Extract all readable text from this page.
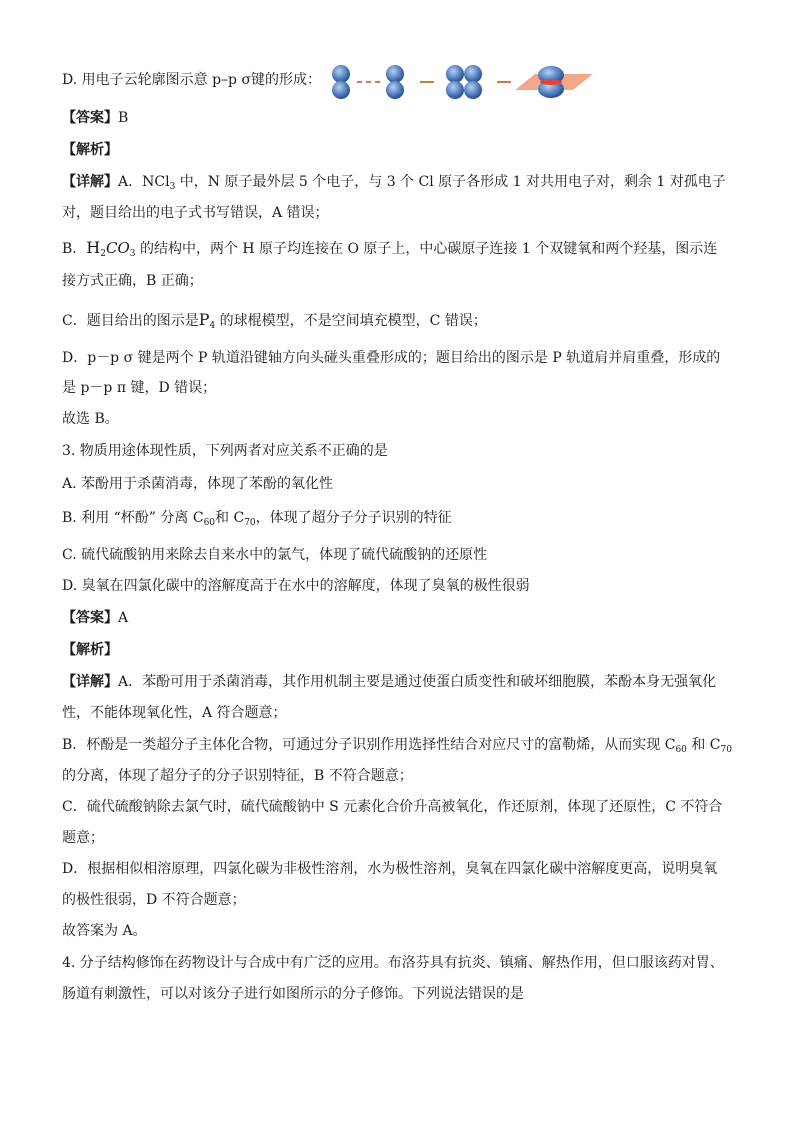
D. 用电子云轮廓图示意 p–p σ键的形成：
【答案】B
【解析】
【详解】A．NCl$_3$ 中，N 原子最外层 5 个电子，与 3 个 Cl 原子各形成 1 对共用电子对，剩余 1 对孤电子
对，题目给出的电子式书写错误，A 错误；
B．$H_2CO_3$ 的结构中，两个 H 原子均连接在 O 原子上，中心碳原子连接 1 个双键氧和两个羟基，图示连
接方式正确，B 正确；
C．题目给出的图示是$P_4$ 的球棍模型，不是空间填充模型，C 错误；
D．p－p σ 键是两个 P 轨道沿键轴方向头碰头重叠形成的；题目给出的图示是 P 轨道肩并肩重叠，形成的
是 p－p π 键，D 错误；
故选 B。
3. 物质用途体现性质，下列两者对应关系不正确的是
A. 苯酚用于杀菌消毒，体现了苯酚的氧化性
B. 利用 “杯酚” 分离 $C_{60}$和 $C_{70}$，体现了超分子分子识别的特征
C. 硫代硫酸钠用来除去自来水中的氯气，体现了硫代硫酸钠的还原性
D. 臭氧在四氯化碳中的溶解度高于在水中的溶解度，体现了臭氧的极性很弱
【答案】A
【解析】
【详解】A．苯酚可用于杀菌消毒，其作用机制主要是通过使蛋白质变性和破坏细胞膜，苯酚本身无强氧化
性，不能体现氧化性，A 符合题意；
B．杯酚是一类超分子主体化合物，可通过分子识别作用选择性结合对应尺寸的富勒烯，从而实现 $C_{60}$ 和 $C_{70}$
的分离，体现了超分子的分子识别特征，B 不符合题意；
C．硫代硫酸钠除去氯气时，硫代硫酸钠中 S 元素化合价升高被氧化，作还原剂，体现了还原性，C 不符合
题意；
D．根据相似相溶原理，四氯化碳为非极性溶剂，水为极性溶剂，臭氧在四氯化碳中溶解度更高，说明臭氧
的极性很弱，D 不符合题意；
故答案为 A。
4. 分子结构修饰在药物设计与合成中有广泛的应用。布洛芬具有抗炎、镇痛、解热作用，但口服该药对胃、
肠道有刺激性，可以对该分子进行如图所示的分子修饰。下列说法错误的是
